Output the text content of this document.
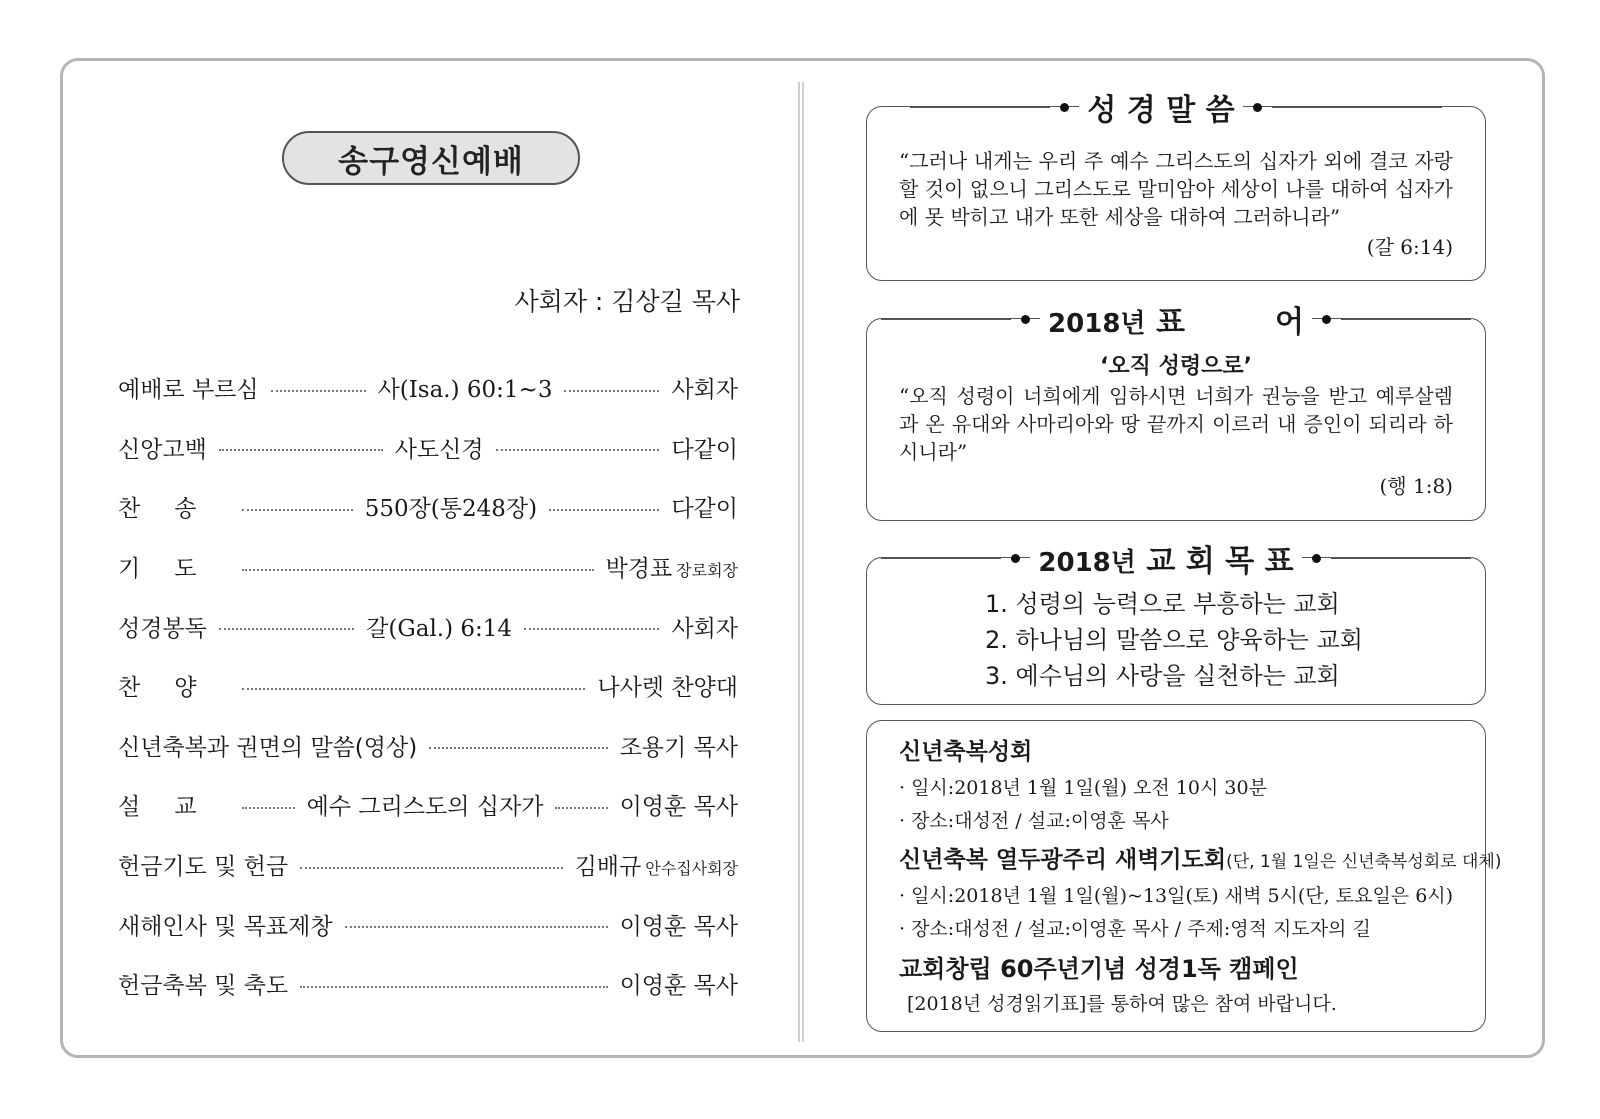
송구영신예배
사회자 : 김상길 목사
예배로 부르심	사(Isa.) 60:1~3	사회자
신앙고백	사도신경	다같이
찬송	550장(통248장)	다같이
기도	박경표 장로회장
성경봉독	갈(Gal.) 6:14	사회자
찬양	나사렛 찬양대
신년축복과 권면의 말씀(영상)	조용기 목사
설교	예수 그리스도의 십자가	이영훈 목사
헌금기도 및 헌금	김배규 안수집사회장
새해인사 및 목표제창	이영훈 목사
헌금축복 및 축도	이영훈 목사
성 경 말 씀
“그러나 내게는 우리 주 예수 그리스도의 십자가 외에 결코 자랑할 것이 없으니 그리스도로 말미암아 세상이 나를 대하여 십자가에 못 박히고 내가 또한 세상을 대하여 그러하니라”
(갈 6:14)
2018년 표　　　어
‘오직 성령으로’
“오직 성령이 너희에게 임하시면 너희가 권능을 받고 예루살렘과 온 유대와 사마리아와 땅 끝까지 이르러 내 증인이 되리라 하시니라”
(행 1:8)
2018년 교 회 목 표
1. 성령의 능력으로 부흥하는 교회
2. 하나님의 말씀으로 양육하는 교회
3. 예수님의 사랑을 실천하는 교회
신년축복성회
· 일시:2018년 1월 1일(월) 오전 10시 30분
· 장소:대성전 / 설교:이영훈 목사
신년축복 열두광주리 새벽기도회(단, 1월 1일은 신년축복성회로 대체)
· 일시:2018년 1월 1일(월)~13일(토) 새벽 5시(단, 토요일은 6시)
· 장소:대성전 / 설교:이영훈 목사 / 주제:영적 지도자의 길
교회창립 60주년기념 성경1독 캠페인
[2018년 성경읽기표]를 통하여 많은 참여 바랍니다.
